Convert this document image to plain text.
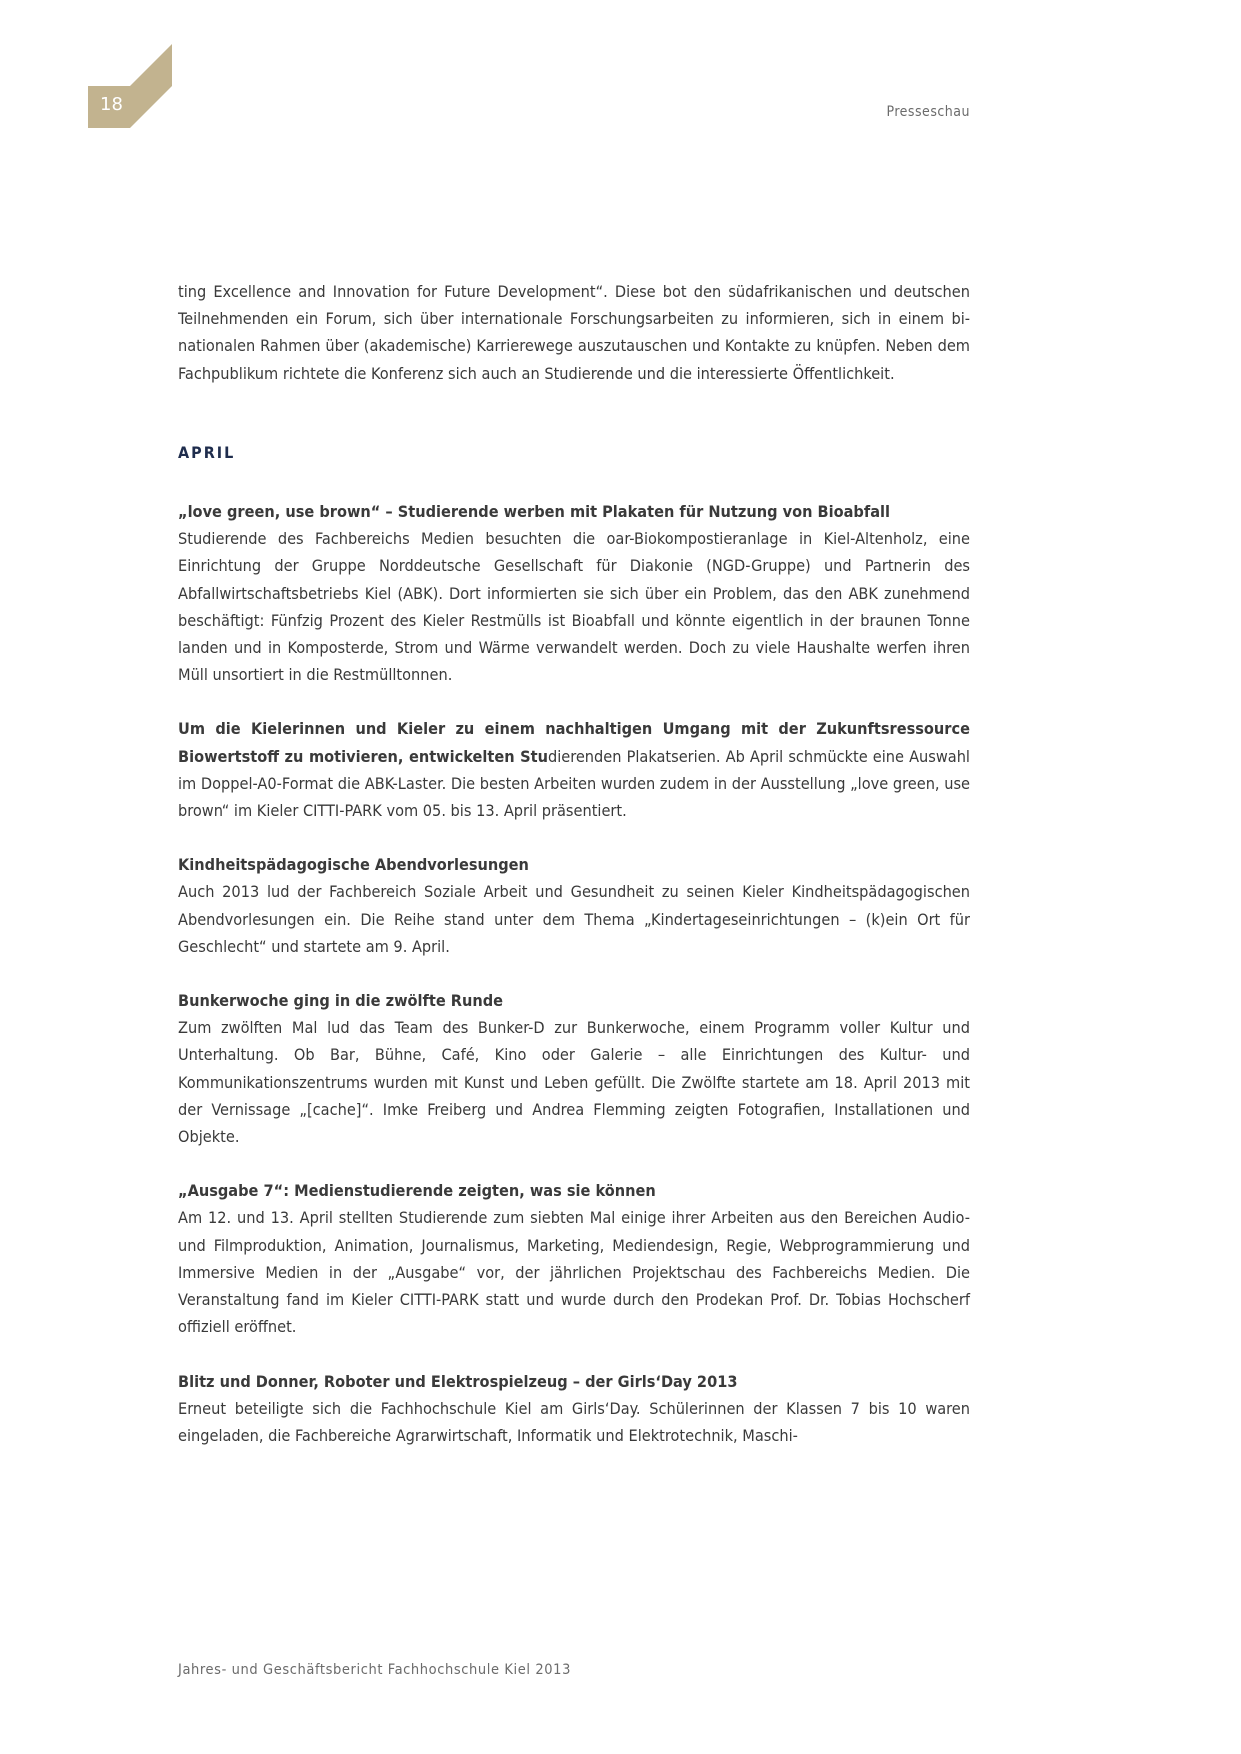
18	Presseschau

ting Excellence and Innovation for Future Development“. Diese bot den südafrikanischen und deutschen Teilnehmenden ein Forum, sich über internationale Forschungsarbeiten zu informieren, sich in einem bi-nationalen Rahmen über (akademische) Karrierewege auszutauschen und Kontakte zu knüpfen. Neben dem Fachpublikum richtete die Konferenz sich auch an Studierende und die interessierte Öffentlichkeit.

APRIL

„love green, use brown“ – Studierende werben mit Plakaten für Nutzung von Bioabfall

Studierende des Fachbereichs Medien besuchten die oar-Biokompostieranlage in Kiel-Altenholz, eine Einrichtung der Gruppe Norddeutsche Gesellschaft für Diakonie (NGD-Gruppe) und Partnerin des Abfallwirtschaftsbetriebs Kiel (ABK). Dort informierten sie sich über ein Problem, das den ABK zunehmend beschäftigt: Fünfzig Prozent des Kieler Restmülls ist Bioabfall und könnte eigentlich in der braunen Tonne landen und in Komposterde, Strom und Wärme verwandelt werden. Doch zu viele Haushalte werfen ihren Müll unsortiert in die Restmülltonnen.

Um die Kielerinnen und Kieler zu einem nachhaltigen Umgang mit der Zukunftsressource Biowertstoff zu motivieren, entwickelten Studierenden Plakatserien. Ab April schmückte eine Auswahl im Doppel-A0-Format die ABK-Laster. Die besten Arbeiten wurden zudem in der Ausstellung „love green, use brown“ im Kieler CITTI-PARK vom 05. bis 13. April präsentiert.

Kindheitspädagogische Abendvorlesungen

Auch 2013 lud der Fachbereich Soziale Arbeit und Gesundheit zu seinen Kieler Kindheitspädagogischen Abendvorlesungen ein. Die Reihe stand unter dem Thema „Kindertageseinrichtungen – (k)ein Ort für Geschlecht“ und startete am 9. April.

Bunkerwoche ging in die zwölfte Runde

Zum zwölften Mal lud das Team des Bunker-D zur Bunkerwoche, einem Programm voller Kultur und Unterhaltung. Ob Bar, Bühne, Café, Kino oder Galerie – alle Einrichtungen des Kultur- und Kommunikationszentrums wurden mit Kunst und Leben gefüllt. Die Zwölfte startete am 18. April 2013 mit der Vernissage „[cache]“. Imke Freiberg und Andrea Flemming zeigten Fotografien, Installationen und Objekte.

„Ausgabe 7“: Medienstudierende zeigten, was sie können

Am 12. und 13. April stellten Studierende zum siebten Mal einige ihrer Arbeiten aus den Bereichen Audio- und Filmproduktion, Animation, Journalismus, Marketing, Mediendesign, Regie, Webprogrammierung und Immersive Medien in der „Ausgabe“ vor, der jährlichen Projektschau des Fachbereichs Medien. Die Veranstaltung fand im Kieler CITTI-PARK statt und wurde durch den Prodekan Prof. Dr. Tobias Hochscherf offiziell eröffnet.

Blitz und Donner, Roboter und Elektrospielzeug – der Girls‘Day 2013

Erneut beteiligte sich die Fachhochschule Kiel am Girls‘Day. Schülerinnen der Klassen 7 bis 10 waren eingeladen, die Fachbereiche Agrarwirtschaft, Informatik und Elektrotechnik, Maschi-

Jahres- und Geschäftsbericht Fachhochschule Kiel 2013
